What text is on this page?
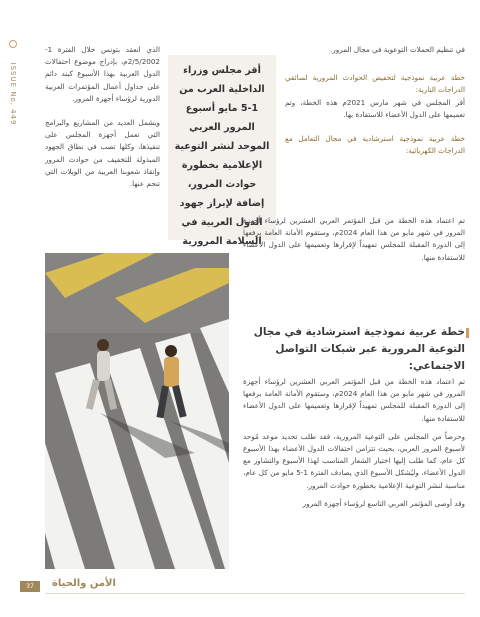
ISSUE No. 449

الذي انعقد بتونس خلال الفترة 1-2/5/2002م، بإدراج موضوع احتفالات الدول العربية بهذا الأسبوع كبند دائم على جداول أعمال المؤتمرات العربية الدورية لرؤساء أجهزة المرور.

ويشمل العديد من المشاريع والبرامج التي تعمل أجهزة المجلس على تنفيذها، وكلها تصب في نطاق الجهود المبذولة للتخفيف من حوادث المرور وإنقاذ شعوبنا العربية من الويلات التي تنجم عنها.

أقر مجلس وزراء الداخلية العرب من 1-5 مايو أسبوع المرور العربي الموحد لنشر التوعية الإعلامية بخطورة حوادث المرور، إضافة لإبراز جهود الدول العربية في السلامة المرورية

في تنظيم الحملات التوعوية في مجال المرور.

خطة عربية نموذجية لتخفيض الحوادث المرورية لسائقي الدراجات النارية:

أقر المجلس في شهر مارس 2021م هذه الخطة، وتم تعميمها على الدول الأعضاء للاستفادة بها.

خطة عربية نموذجية استرشادية في مجال التعامل مع الدراجات الكهربائية:

تم اعتماد هذه الخطة من قبل المؤتمر العربي العشرين لرؤساء أجهزة المرور في شهر مايو من هذا العام 2024م، وستقوم الأمانة العامة برفعها إلى الدورة المقبلة للمجلس تمهيداً لإقرارها وتعميمها على الدول الأعضاء للاستفادة منها.

خطة عربية نموذجية استرشادية في مجال التوعية المرورية عبر شبكات التواصل الاجتماعي:

تم اعتماد هذه الخطة من قبل المؤتمر العربي العشرين لرؤساء أجهزة المرور في شهر مايو من هذا العام 2024م، وستقوم الأمانة العامة برفعها إلى الدورة المقبلة للمجلس تمهيداً لإقرارها وتعميمها على الدول الأعضاء للاستفادة منها.

وحرصاً من المجلس على التوعية المرورية، فقد طلب تحديد موعد مُوحد لأسبوع المرور العربي، بحيث تتزامن احتفالات الدول الأعضاء بهذا الأسبوع كل عام، كما طلب إليها اختيار الشعار المناسب لهذا الأسبوع والتشاور مع الدول الأعضاء، وليُشكل الأسبوع الذي يصادف الفترة 1-5 مايو من كل عام، مناسبة لنشر التوعية الإعلامية بخطورة حوادث المرور.

وقد أوصى المؤتمر العربي التاسع لرؤساء أجهزة المرور

37	الأمن والحياة
